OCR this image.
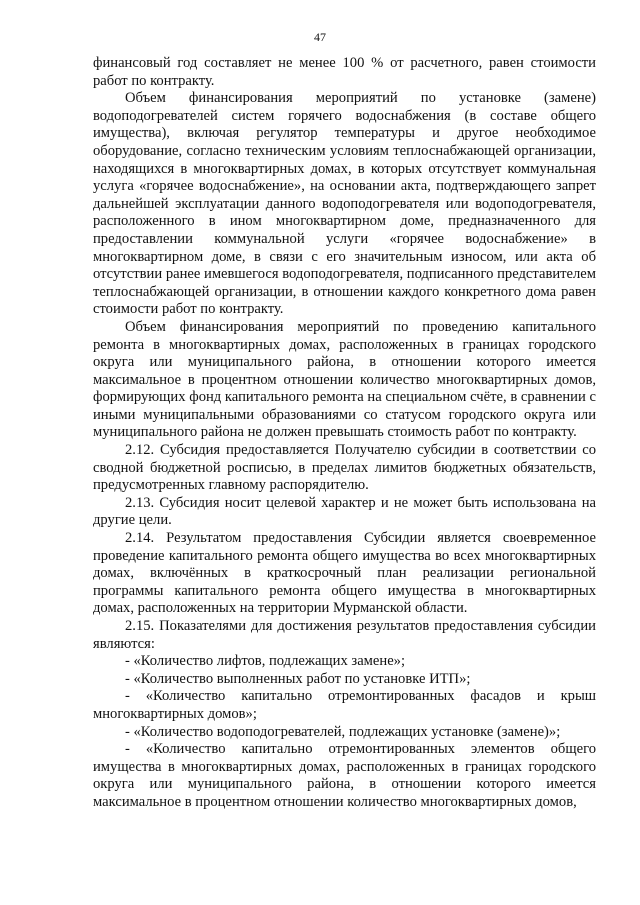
47

финансовый год составляет не менее 100 % от расчетного, равен стоимости работ по контракту.

Объем финансирования мероприятий по установке (замене) водоподогревателей систем горячего водоснабжения (в составе общего имущества), включая регулятор температуры и другое необходимое оборудование, согласно техническим условиям теплоснабжающей организации, находящихся в многоквартирных домах, в которых отсутствует коммунальная услуга «горячее водоснабжение», на основании акта, подтверждающего запрет дальнейшей эксплуатации данного водоподогревателя или водоподогревателя, расположенного в ином многоквартирном доме, предназначенного для предоставлении коммунальной услуги «горячее водоснабжение» в многоквартирном доме, в связи с его значительным износом, или акта об отсутствии ранее имевшегося водоподогревателя, подписанного представителем теплоснабжающей организации, в отношении каждого конкретного дома равен стоимости работ по контракту.

Объем финансирования мероприятий по проведению капитального ремонта в многоквартирных домах, расположенных в границах городского округа или муниципального района, в отношении которого имеется максимальное в процентном отношении количество многоквартирных домов, формирующих фонд капитального ремонта на специальном счёте, в сравнении с иными муниципальными образованиями со статусом городского округа или муниципального района не должен превышать стоимость работ по контракту.

2.12. Субсидия предоставляется Получателю субсидии в соответствии со сводной бюджетной росписью, в пределах лимитов бюджетных обязательств, предусмотренных главному распорядителю.

2.13. Субсидия носит целевой характер и не может быть использована на другие цели.

2.14. Результатом предоставления Субсидии является своевременное проведение капитального ремонта общего имущества во всех многоквартирных домах, включённых в краткосрочный план реализации региональной программы капитального ремонта общего имущества в многоквартирных домах, расположенных на территории Мурманской области.

2.15. Показателями для достижения результатов предоставления субсидии являются:

- «Количество лифтов, подлежащих замене»;

- «Количество выполненных работ по установке ИТП»;

- «Количество капитально отремонтированных фасадов и крыш многоквартирных домов»;

- «Количество водоподогревателей, подлежащих установке (замене)»;

- «Количество капитально отремонтированных элементов общего имущества в многоквартирных домах, расположенных в границах городского округа или муниципального района, в отношении которого имеется максимальное в процентном отношении количество многоквартирных домов,
